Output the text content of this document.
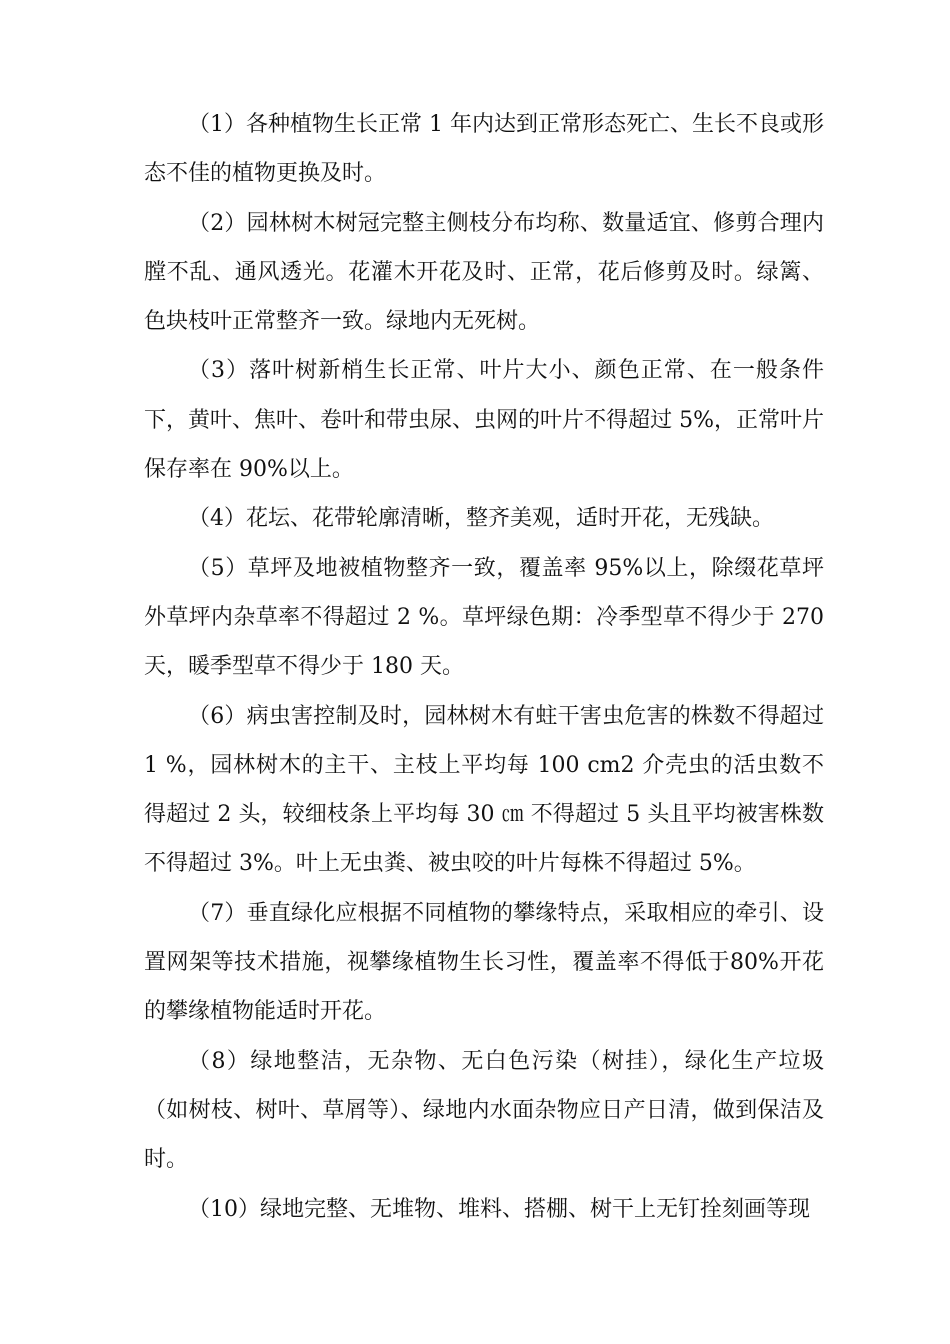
（1）各种植物生长正常 1 年内达到正常形态死亡、生长不良或形态不佳的植物更换及时。

（2）园林树木树冠完整主侧枝分布均称、数量适宜、修剪合理内膛不乱、通风透光。花灌木开花及时、正常，花后修剪及时。绿篱、色块枝叶正常整齐一致。绿地内无死树。

（3）落叶树新梢生长正常、叶片大小、颜色正常、在一般条件下，黄叶、焦叶、卷叶和带虫尿、虫网的叶片不得超过 5%，正常叶片保存率在 90%以上。

（4）花坛、花带轮廓清晰，整齐美观，适时开花，无残缺。

（5）草坪及地被植物整齐一致，覆盖率 95%以上，除缀花草坪外草坪内杂草率不得超过 2 %。草坪绿色期：冷季型草不得少于 270 天，暖季型草不得少于 180 天。

（6）病虫害控制及时，园林树木有蛀干害虫危害的株数不得超过 1 %，园林树木的主干、主枝上平均每 100 cm2 介壳虫的活虫数不得超过 2 头，较细枝条上平均每 30 ㎝ 不得超过 5 头且平均被害株数不得超过 3%。叶上无虫粪、被虫咬的叶片每株不得超过 5%。

（7）垂直绿化应根据不同植物的攀缘特点，采取相应的牵引、设置网架等技术措施，视攀缘植物生长习性，覆盖率不得低于80%开花的攀缘植物能适时开花。

（8）绿地整洁，无杂物、无白色污染（树挂），绿化生产垃圾（如树枝、树叶、草屑等）、绿地内水面杂物应日产日清，做到保洁及时。

（10）绿地完整、无堆物、堆料、搭棚、树干上无钉拴刻画等现
